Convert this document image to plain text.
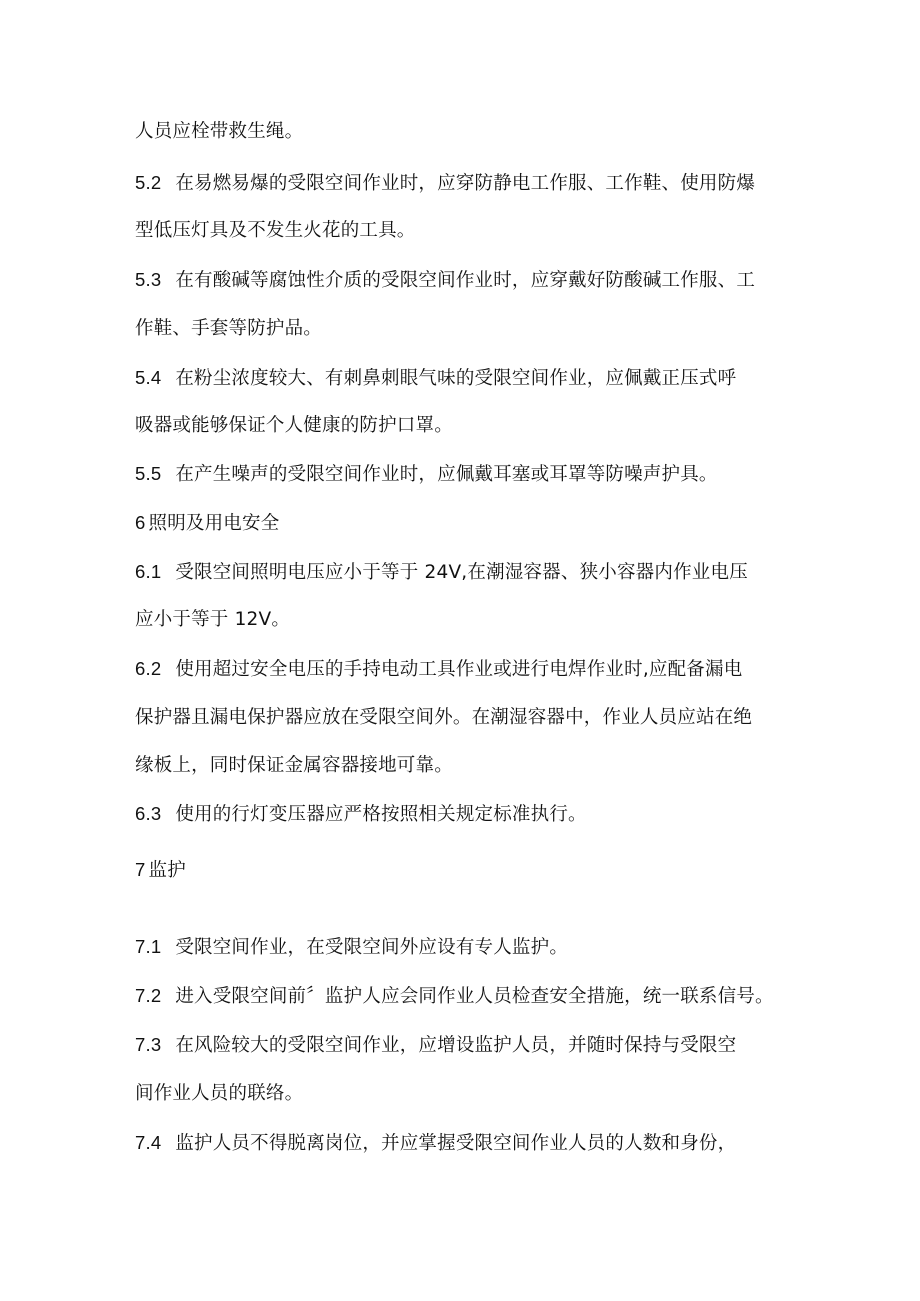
人员应栓带救生绳。
5.2 在易燃易爆的受限空间作业时，应穿防静电工作服、工作鞋、使用防爆
型低压灯具及不发生火花的工具。
5.3 在有酸碱等腐蚀性介质的受限空间作业时，应穿戴好防酸碱工作服、工
作鞋、手套等防护品。
5.4 在粉尘浓度较大、有刺鼻刺眼气味的受限空间作业，应佩戴正压式呼
吸器或能够保证个人健康的防护口罩。
5.5 在产生噪声的受限空间作业时，应佩戴耳塞或耳罩等防噪声护具。
6 照明及用电安全
6.1 受限空间照明电压应小于等于 24V,在潮湿容器、狭小容器内作业电压
应小于等于 12V。
6.2 使用超过安全电压的手持电动工具作业或进行电焊作业时,应配备漏电
保护器且漏电保护器应放在受限空间外。在潮湿容器中，作业人员应站在绝
缘板上，同时保证金属容器接地可靠。
6.3 使用的行灯变压器应严格按照相关规定标准执行。
7 监护
7.1 受限空间作业，在受限空间外应设有专人监护。
7.2 进入受限空间前〞监护人应会同作业人员检查安全措施，统一联系信号。
7.3 在风险较大的受限空间作业，应增设监护人员，并随时保持与受限空
间作业人员的联络。
7.4 监护人员不得脱离岗位，并应掌握受限空间作业人员的人数和身份，
